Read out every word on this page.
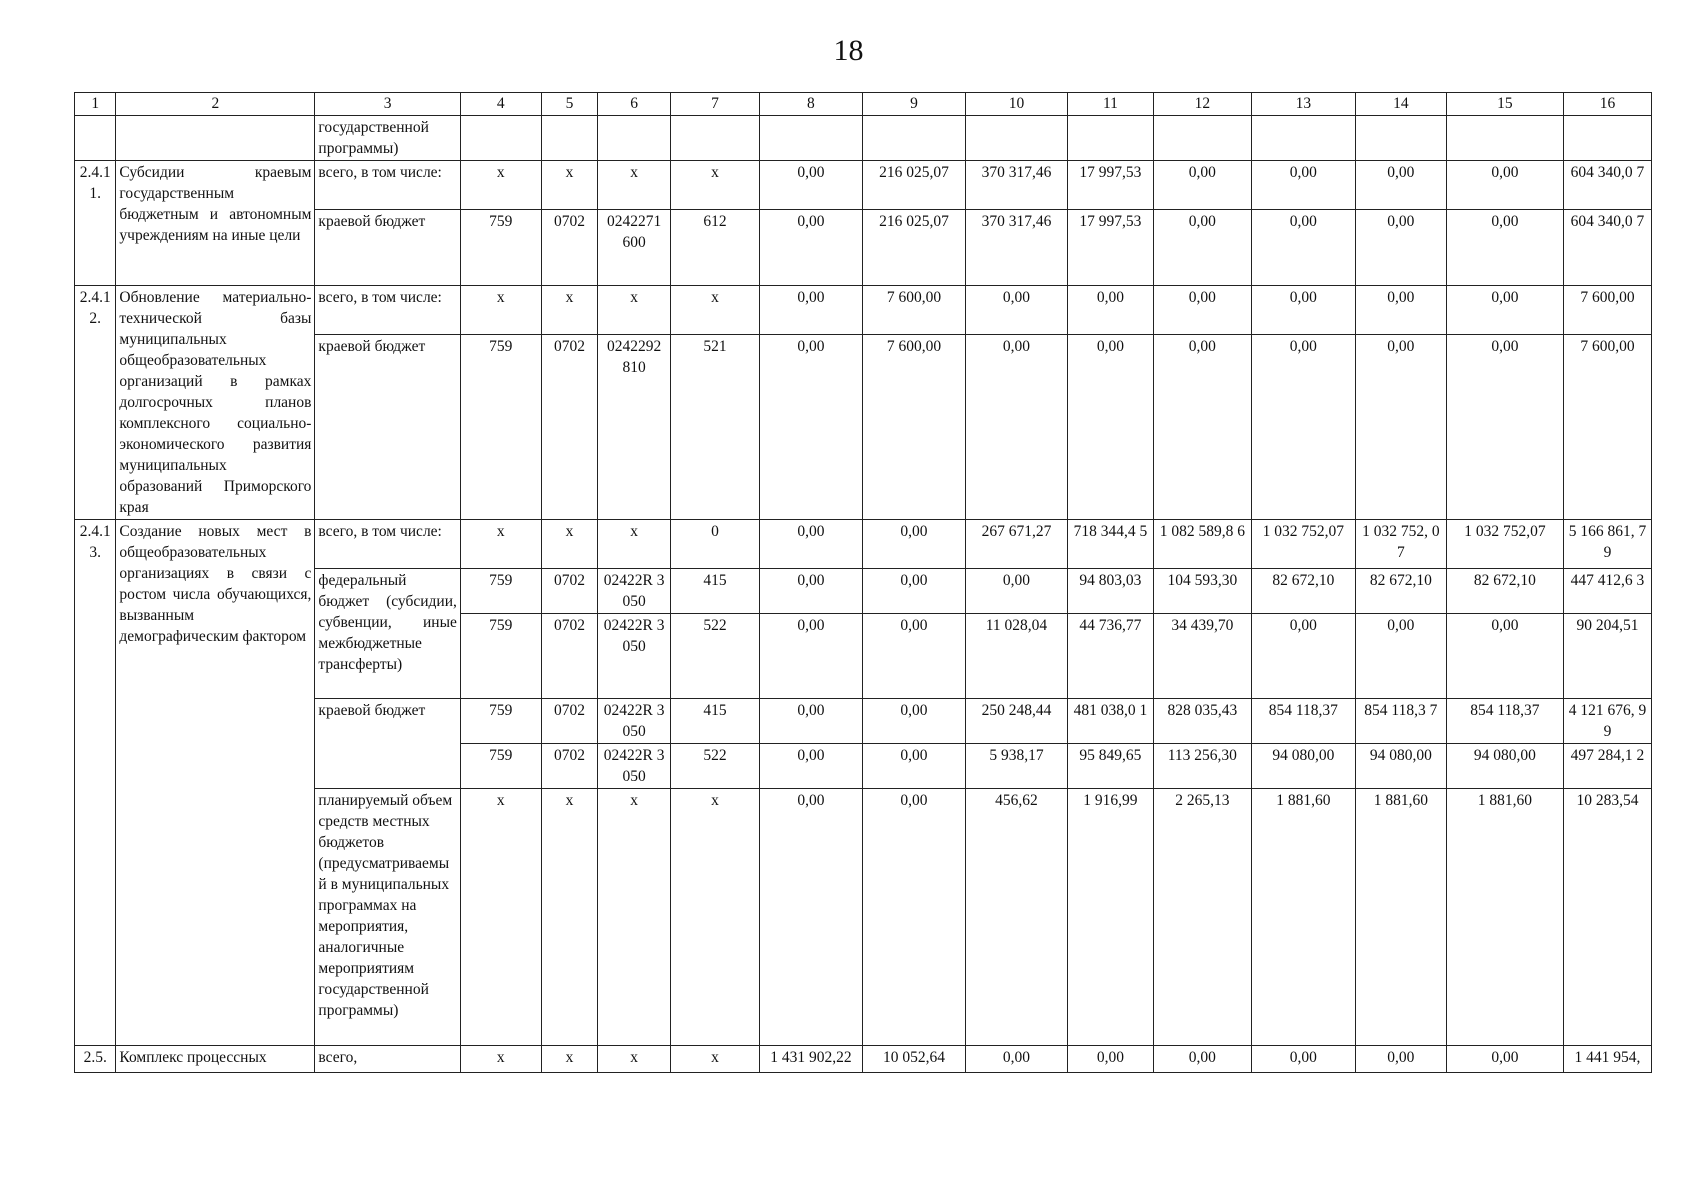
18
1	2	3	4	5	6	7	8	9	10	11	12	13	14	15	16
		государственной программы)													
2.4.1 1.	Субсидии краевым государственным бюджетным и автономным учреждениям на иные цели	всего, в том числе:	x	x	x	x	0,00	216 025,07	370 317,46	17 997,53	0,00	0,00	0,00	0,00	604 340,0 7
		краевой бюджет	759	0702	0242271 600	612	0,00	216 025,07	370 317,46	17 997,53	0,00	0,00	0,00	0,00	604 340,0 7
2.4.1 2.	Обновление материально-технической базы муниципальных общеобразовательных организаций в рамках долгосрочных планов комплексного социально-экономического развития муниципальных образований Приморского края	всего, в том числе:	x	x	x	x	0,00	7 600,00	0,00	0,00	0,00	0,00	0,00	0,00	7 600,00
		краевой бюджет	759	0702	0242292 810	521	0,00	7 600,00	0,00	0,00	0,00	0,00	0,00	0,00	7 600,00
2.4.1 3.	Создание новых мест в общеобразовательных организациях в связи с ростом числа обучающихся, вызванным демографическим фактором	всего, в том числе:	x	x	x	0	0,00	0,00	267 671,27	718 344,4 5	1 082 589,8 6	1 032 752,07	1 032 752, 07	1 032 752,07	5 166 861, 79
		федеральный бюджет (субсидии, субвенции, иные межбюджетные трансферты)	759	0702	02422R 3050	415	0,00	0,00	0,00	94 803,03	104 593,30	82 672,10	82 672,10	82 672,10	447 412,6 3
			759	0702	02422R 3050	522	0,00	0,00	11 028,04	44 736,77	34 439,70	0,00	0,00	0,00	90 204,51
		краевой бюджет	759	0702	02422R 3050	415	0,00	0,00	250 248,44	481 038,0 1	828 035,43	854 118,37	854 118,3 7	854 118,37	4 121 676, 99
			759	0702	02422R 3050	522	0,00	0,00	5 938,17	95 849,65	113 256,30	94 080,00	94 080,00	94 080,00	497 284,1 2
		планируемый объем средств местных бюджетов (предусматриваемый в муниципальных программах на мероприятия, аналогичные мероприятиям государственной программы)	x	x	x	x	0,00	0,00	456,62	1 916,99	2 265,13	1 881,60	1 881,60	1 881,60	10 283,54
2.5.	Комплекс процессных	всего,	x	x	x	x	1 431 902,22	10 052,64	0,00	0,00	0,00	0,00	0,00	0,00	1 441 954,
